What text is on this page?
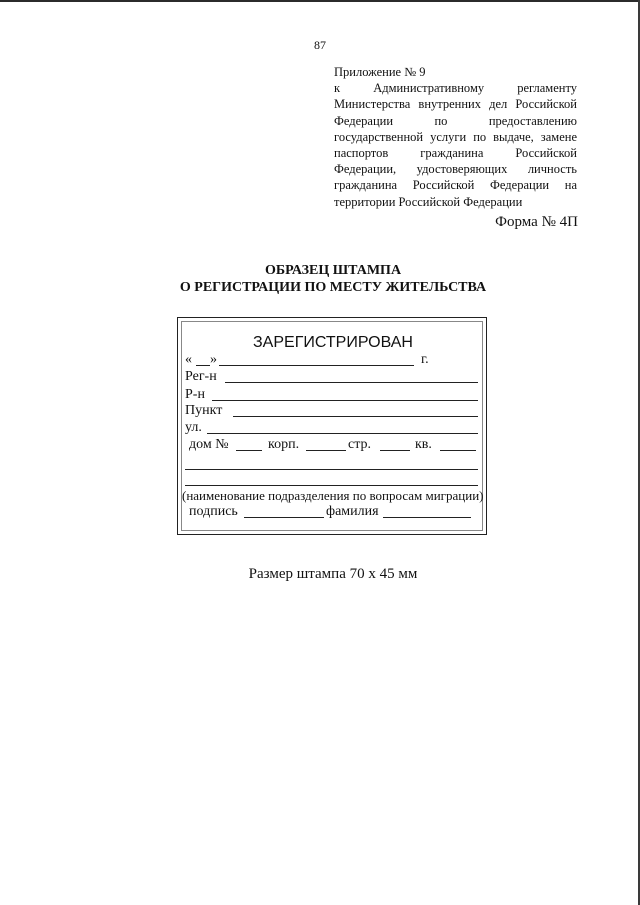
87
Приложение № 9
к	Административному	регламенту
Министерства внутренних дел Российской
Федерации	по	предоставлению
государственной услуги по выдаче, замене
паспортов	гражданина	Российской
Федерации, удостоверяющих личность
гражданина Российской Федерации на
территории Российской Федерации
Форма № 4П
ОБРАЗЕЦ ШТАМПА
О РЕГИСТРАЦИИ ПО МЕСТУ ЖИТЕЛЬСТВА
ЗАРЕГИСТРИРОВАН
« »	г.
Рег-н
Р-н
Пункт
ул.
дом №	корп.	стр.	кв.
(наименование подразделения по вопросам миграции)
подпись	фамилия
Размер штампа 70 х 45 мм
